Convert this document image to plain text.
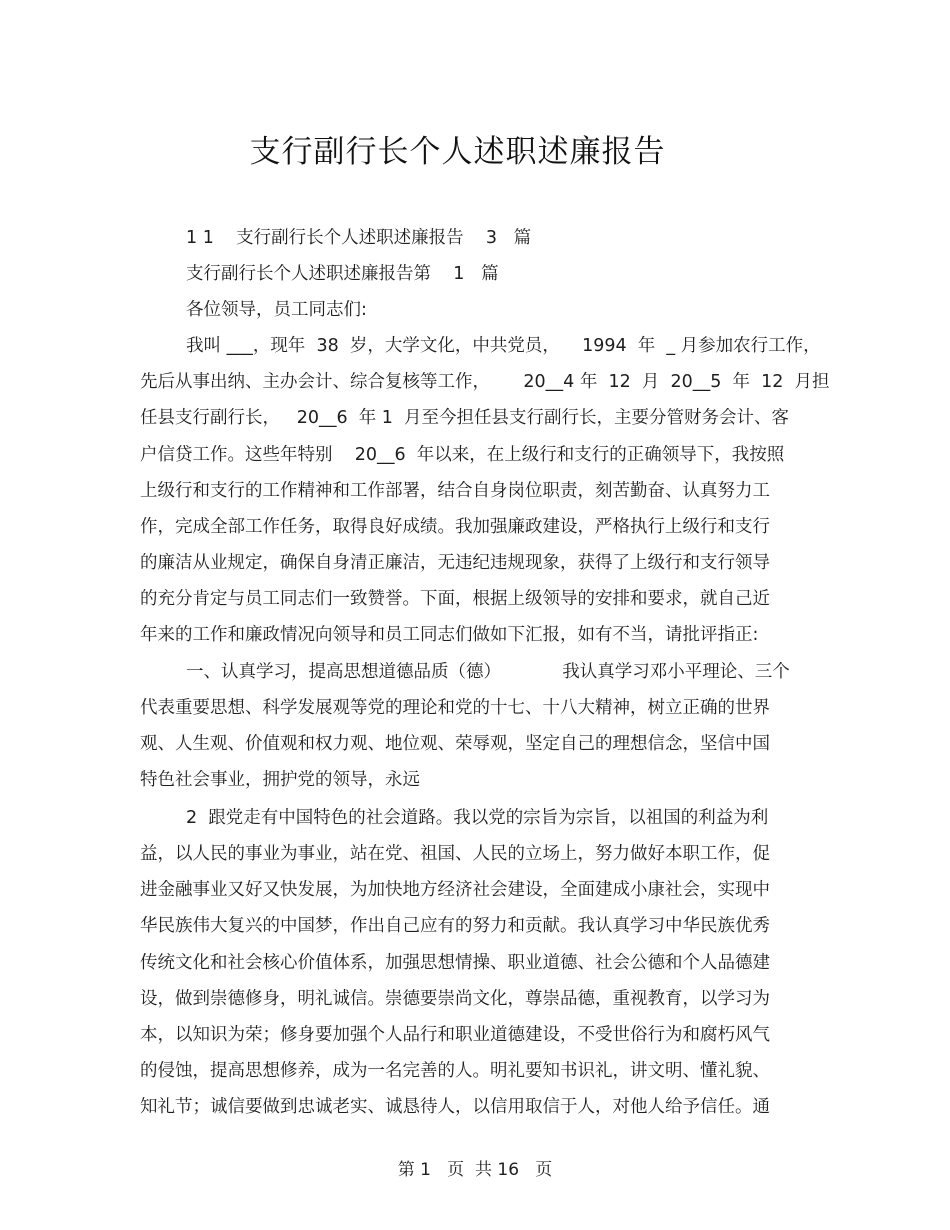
支行副行长个人述职述廉报告
1 1    支行副行长个人述职述廉报告    3   篇
支行副行长个人述职述廉报告第    1   篇
各位领导，员工同志们:
我叫 ___，现年  38  岁，大学文化，中共党员，    1994  年  _ 月参加农行工作，
先后从事出纳、主办会计、综合复核等工作，      20__4 年  12  月  20__5  年  12  月担
任县支行副行长，   20__6  年 1  月至今担任县支行副行长，主要分管财务会计、客
户信贷工作。这些年特别    20__6  年以来，在上级行和支行的正确领导下，我按照
上级行和支行的工作精神和工作部署，结合自身岗位职责，刻苦勤奋、认真努力工
作，完成全部工作任务，取得良好成绩。我加强廉政建设，严格执行上级行和支行
的廉洁从业规定，确保自身清正廉洁，无违纪违规现象，获得了上级行和支行领导
的充分肯定与员工同志们一致赞誉。下面，根据上级领导的安排和要求，就自己近
年来的工作和廉政情况向领导和员工同志们做如下汇报，如有不当，请批评指正:
一、认真学习，提高思想道德品质（德）           我认真学习邓小平理论、三个
代表重要思想、科学发展观等党的理论和党的十七、十八大精神，树立正确的世界
观、人生观、价值观和权力观、地位观、荣辱观，坚定自己的理想信念，坚信中国
特色社会事业，拥护党的领导，永远
2  跟党走有中国特色的社会道路。我以党的宗旨为宗旨，以祖国的利益为利
益，以人民的事业为事业，站在党、祖国、人民的立场上，努力做好本职工作，促
进金融事业又好又快发展，为加快地方经济社会建设，全面建成小康社会，实现中
华民族伟大复兴的中国梦，作出自己应有的努力和贡献。我认真学习中华民族优秀
传统文化和社会核心价值体系，加强思想情操、职业道德、社会公德和个人品德建
设，做到崇德修身，明礼诚信。崇德要崇尚文化，尊崇品德，重视教育，以学习为
本，以知识为荣；修身要加强个人品行和职业道德建设，不受世俗行为和腐朽风气
的侵蚀，提高思想修养，成为一名完善的人。明礼要知书识礼，讲文明、懂礼貌、
知礼节；诚信要做到忠诚老实、诚恳待人，以信用取信于人，对他人给予信任。通
第 1   页  共 16   页
